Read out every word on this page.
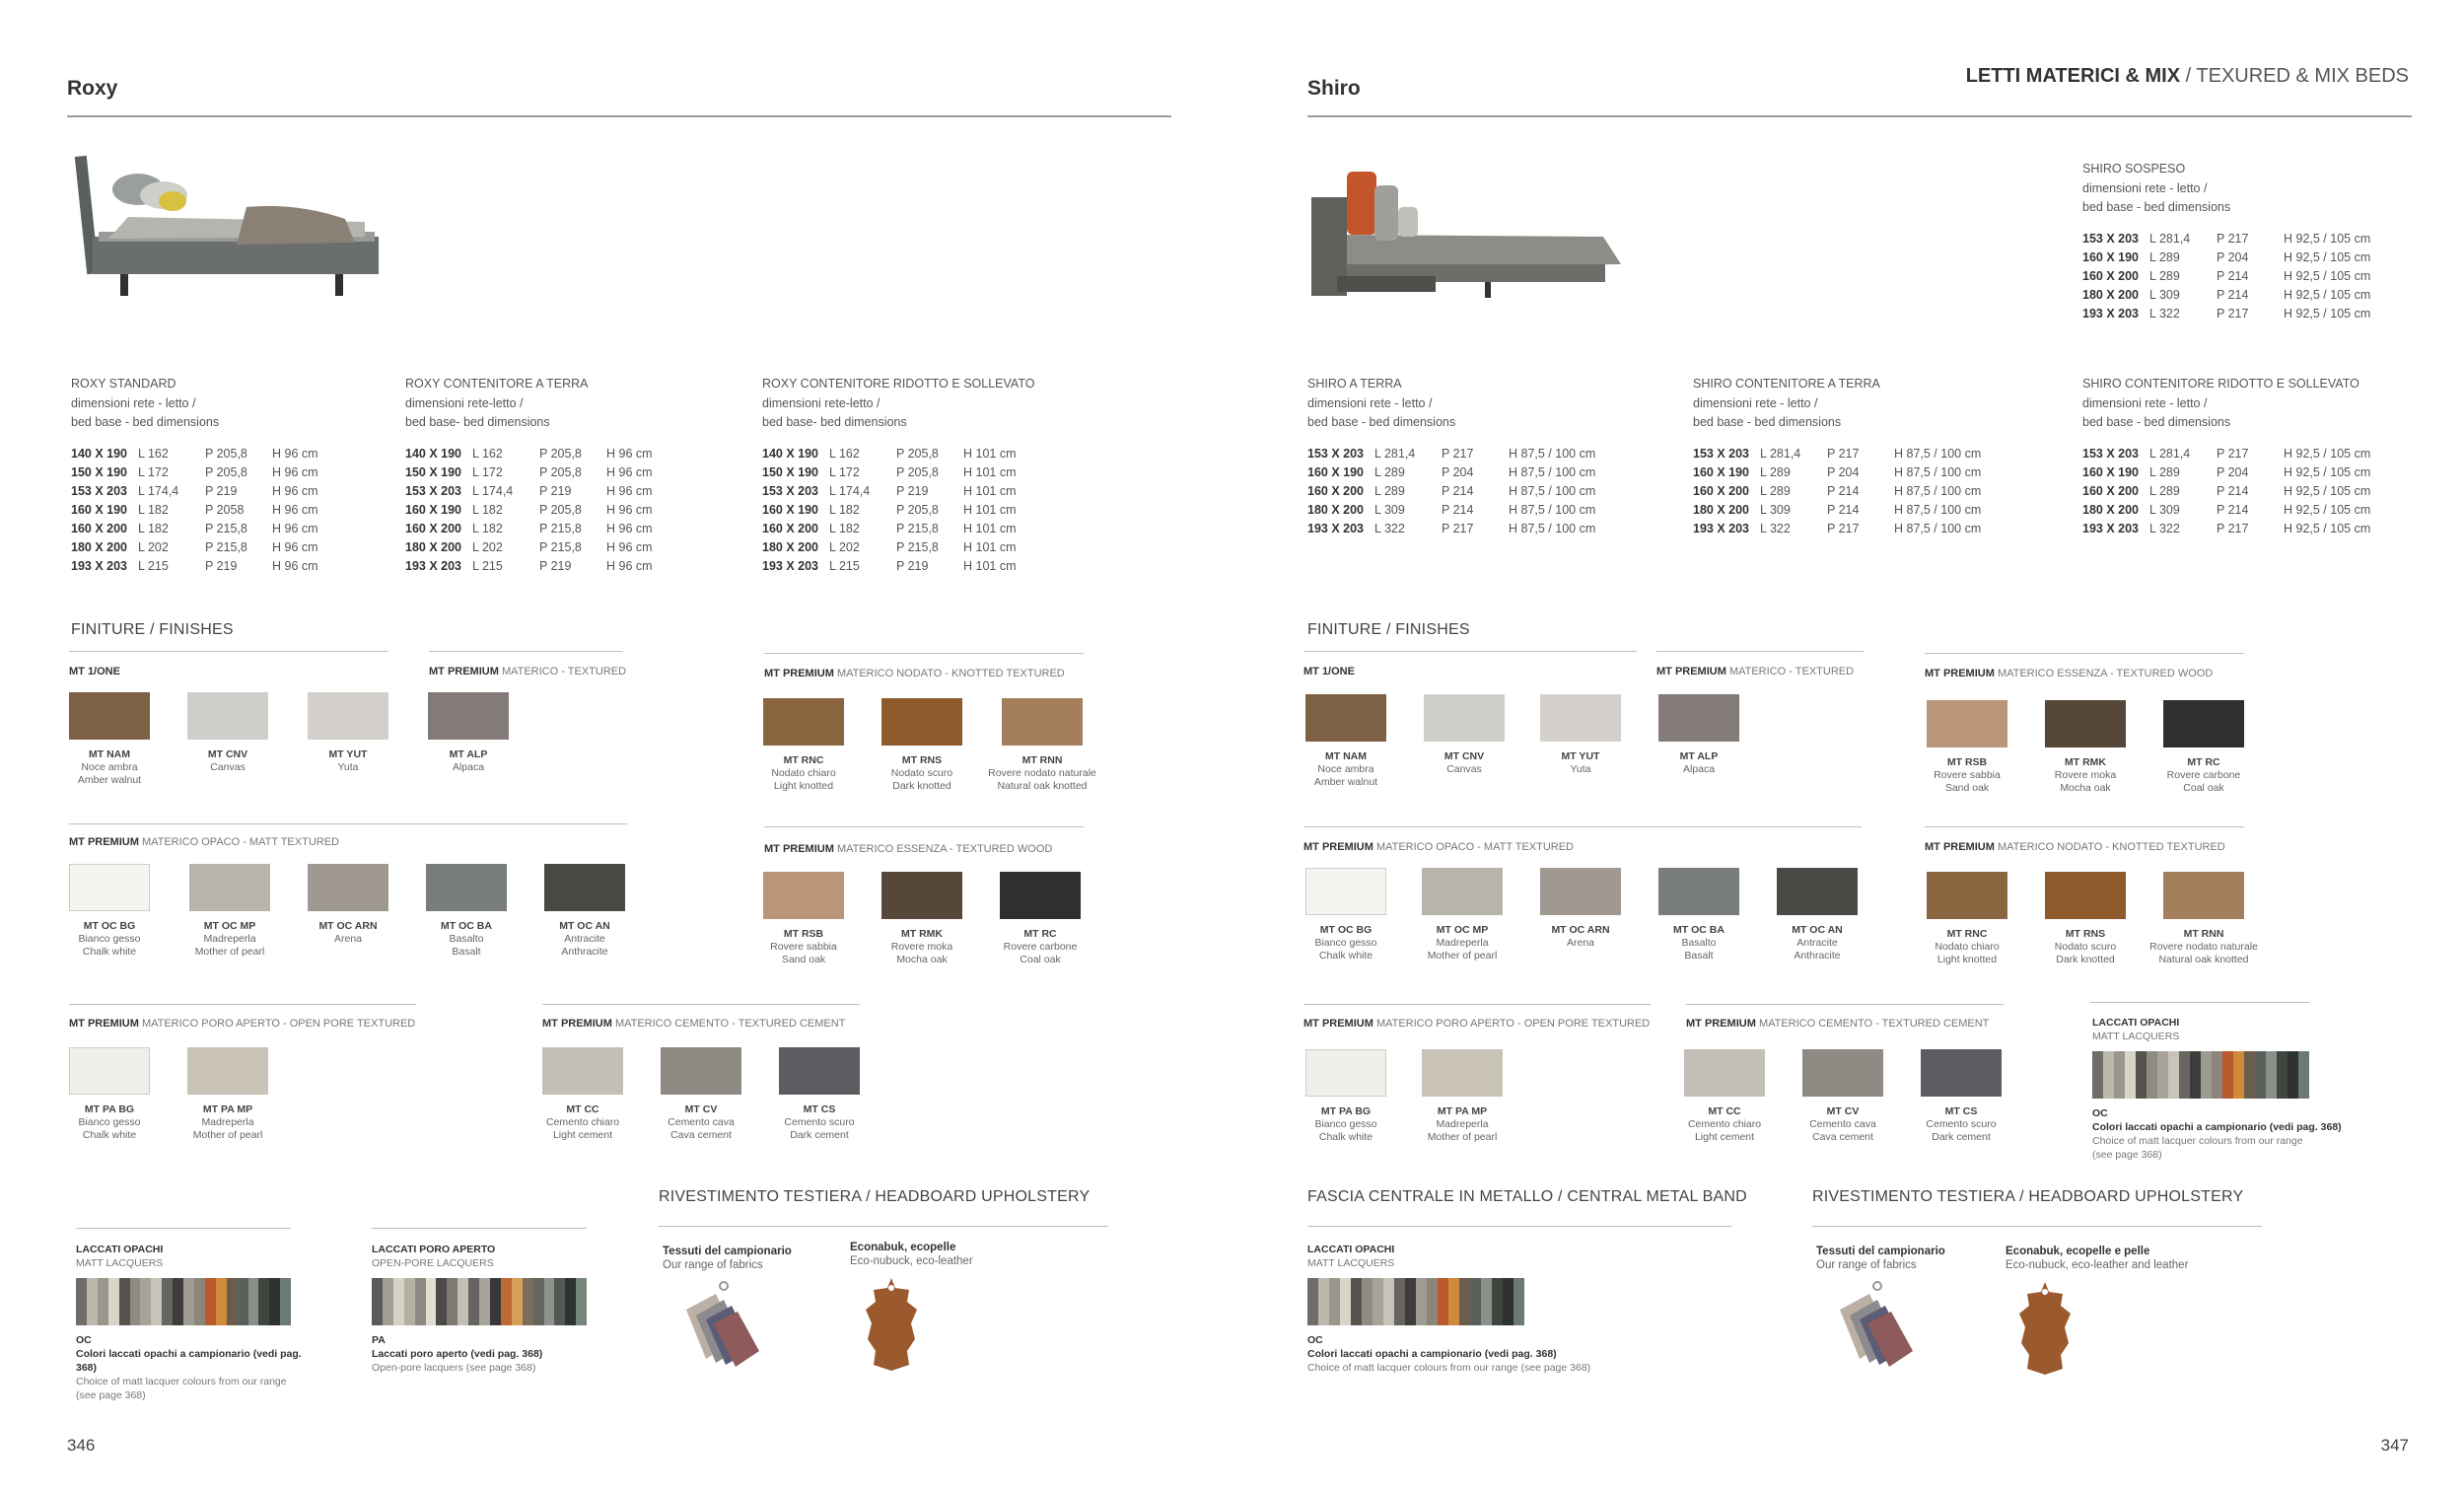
Roxy
ROXY STANDARD
dimensioni rete - letto /
bed base - bed dimensions
140 X 190	L 162	P 205,8	H 96 cm
150 X 190	L 172	P 205,8	H 96 cm
153 X 203	L 174,4	P 219	H 96 cm
160 X 190	L 182	P 2058	H 96 cm
160 X 200	L 182	P 215,8	H 96 cm
180 X 200	L 202	P 215,8	H 96 cm
193 X 203	L 215	P 219	H 96 cm
ROXY CONTENITORE A TERRA
dimensioni rete-letto /
bed base- bed dimensions
140 X 190	L 162	P 205,8	H 96 cm
150 X 190	L 172	P 205,8	H 96 cm
153 X 203	L 174,4	P 219	H 96 cm
160 X 190	L 182	P 205,8	H 96 cm
160 X 200	L 182	P 215,8	H 96 cm
180 X 200	L 202	P 215,8	H 96 cm
193 X 203	L 215	P 219	H 96 cm
ROXY CONTENITORE RIDOTTO E SOLLEVATO
dimensioni rete-letto /
bed base- bed dimensions
140 X 190	L 162	P 205,8	H 101 cm
150 X 190	L 172	P 205,8	H 101 cm
153 X 203	L 174,4	P 219	H 101 cm
160 X 190	L 182	P 205,8	H 101 cm
160 X 200	L 182	P 215,8	H 101 cm
180 X 200	L 202	P 215,8	H 101 cm
193 X 203	L 215	P 219	H 101 cm
FINITURE / FINISHES
MT 1/ONE	MT PREMIUM MATERICO - TEXTURED	MT PREMIUM MATERICO NODATO - KNOTTED TEXTURED
MT NAM
Noce ambra
Amber walnut
MT CNV
Canvas
MT YUT
Yuta
MT ALP
Alpaca
MT RNC
Nodato chiaro
Light knotted
MT RNS
Nodato scuro
Dark knotted
MT RNN
Rovere nodato naturale
Natural oak knotted
MT PREMIUM MATERICO OPACO - MATT TEXTURED
MT PREMIUM MATERICO ESSENZA - TEXTURED WOOD
MT OC BG
Bianco gesso
Chalk white
MT OC MP
Madreperla
Mother of pearl
MT OC ARN
Arena
MT OC BA
Basalto
Basalt
MT OC AN
Antracite
Anthracite
MT RSB
Rovere sabbia
Sand oak
MT RMK
Rovere moka
Mocha oak
MT RC
Rovere carbone
Coal oak
MT PREMIUM MATERICO PORO APERTO - OPEN PORE TEXTURED	MT PREMIUM MATERICO CEMENTO - TEXTURED CEMENT
MT PA BG
Bianco gesso
Chalk white
MT PA MP
Madreperla
Mother of pearl
MT CC
Cemento chiaro
Light cement
MT CV
Cemento cava
Cava cement
MT CS
Cemento scuro
Dark cement
LACCATI OPACHI
MATT LACQUERS
OC
Colori laccati opachi a campionario (vedi pag. 368)
Choice of matt lacquer colours from our range
(see page 368)
LACCATI PORO APERTO
OPEN-PORE LACQUERS
PA
Laccati poro aperto (vedi pag. 368)
Open-pore lacquers (see page 368)
RIVESTIMENTO TESTIERA / HEADBOARD UPHOLSTERY
Tessuti del campionario
Our range of fabrics
Econabuk, ecopelle
Eco-nubuck, eco-leather
346
Shiro
LETTI MATERICI & MIX / TEXURED & MIX BEDS
SHIRO SOSPESO
dimensioni rete - letto /
bed base - bed dimensions
153 X 203	L 281,4	P 217	H 92,5 / 105 cm
160 X 190	L 289	P 204	H 92,5 / 105 cm
160 X 200	L 289	P 214	H 92,5 / 105 cm
180 X 200	L 309	P 214	H 92,5 / 105 cm
193 X 203	L 322	P 217	H 92,5 / 105 cm
SHIRO A TERRA
dimensioni rete - letto /
bed base - bed dimensions
153 X 203	L 281,4	P 217	H 87,5 / 100 cm
160 X 190	L 289	P 204	H 87,5 / 100 cm
160 X 200	L 289	P 214	H 87,5 / 100 cm
180 X 200	L 309	P 214	H 87,5 / 100 cm
193 X 203	L 322	P 217	H 87,5 / 100 cm
SHIRO CONTENITORE A TERRA
dimensioni rete - letto /
bed base - bed dimensions
153 X 203	L 281,4	P 217	H 87,5 / 100 cm
160 X 190	L 289	P 204	H 87,5 / 100 cm
160 X 200	L 289	P 214	H 87,5 / 100 cm
180 X 200	L 309	P 214	H 87,5 / 100 cm
193 X 203	L 322	P 217	H 87,5 / 100 cm
SHIRO CONTENITORE RIDOTTO E SOLLEVATO
dimensioni rete - letto /
bed base - bed dimensions
153 X 203	L 281,4	P 217	H 92,5 / 105 cm
160 X 190	L 289	P 204	H 92,5 / 105 cm
160 X 200	L 289	P 214	H 92,5 / 105 cm
180 X 200	L 309	P 214	H 92,5 / 105 cm
193 X 203	L 322	P 217	H 92,5 / 105 cm
FINITURE / FINISHES
MT 1/ONE	MT PREMIUM MATERICO - TEXTURED	MT PREMIUM MATERICO ESSENZA - TEXTURED WOOD
MT NAM
Noce ambra
Amber walnut
MT CNV
Canvas
MT YUT
Yuta
MT ALP
Alpaca
MT RSB
Rovere sabbia
Sand oak
MT RMK
Rovere moka
Mocha oak
MT RC
Rovere carbone
Coal oak
MT PREMIUM MATERICO OPACO - MATT TEXTURED	MT PREMIUM MATERICO NODATO - KNOTTED TEXTURED
MT OC BG
Bianco gesso
Chalk white
MT OC MP
Madreperla
Mother of pearl
MT OC ARN
Arena
MT OC BA
Basalto
Basalt
MT OC AN
Antracite
Anthracite
MT RNC
Nodato chiaro
Light knotted
MT RNS
Nodato scuro
Dark knotted
MT RNN
Rovere nodato naturale
Natural oak knotted
MT PREMIUM MATERICO PORO APERTO - OPEN PORE TEXTURED	MT PREMIUM MATERICO CEMENTO - TEXTURED CEMENT
MT PA BG
Bianco gesso
Chalk white
MT PA MP
Madreperla
Mother of pearl
MT CC
Cemento chiaro
Light cement
MT CV
Cemento cava
Cava cement
MT CS
Cemento scuro
Dark cement
LACCATI OPACHI
MATT LACQUERS
OC
Colori laccati opachi a campionario (vedi pag. 368)
Choice of matt lacquer colours from our range
(see page 368)
FASCIA CENTRALE IN METALLO / CENTRAL METAL BAND
LACCATI OPACHI
MATT LACQUERS
OC
Colori laccati opachi a campionario (vedi pag. 368)
Choice of matt lacquer colours from our range (see page 368)
RIVESTIMENTO TESTIERA / HEADBOARD UPHOLSTERY
Tessuti del campionario
Our range of fabrics
Econabuk, ecopelle e pelle
Eco-nubuck, eco-leather and leather
347
